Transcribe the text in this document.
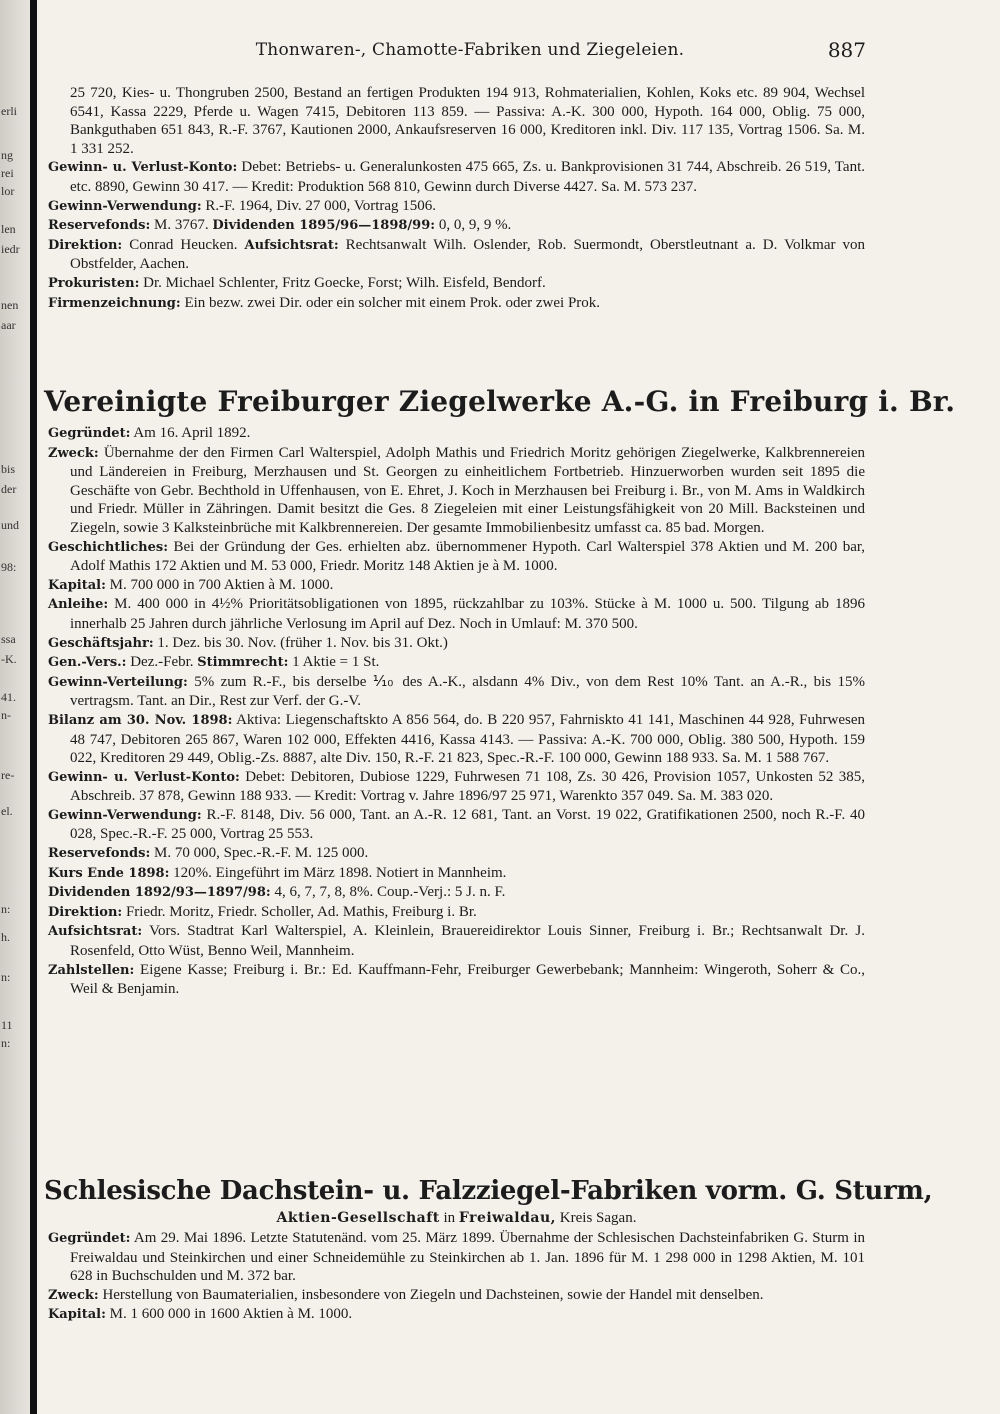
erli
ng
rei
lor
len
iedr
nen
aar
bis
der
und
98:
ssa
-K.
41.
n-
re-
el.
n:
h.
n:
11
n:
Thonwaren-, Chamotte-Fabriken und Ziegeleien.	887

25 720, Kies- u. Thongruben 2500, Bestand an fertigen Produkten 194 913, Rohmaterialien, Kohlen, Koks etc. 89 904, Wechsel 6541, Kassa 2229, Pferde u. Wagen 7415, Debitoren 113 859. — Passiva: A.-K. 300 000, Hypoth. 164 000, Oblig. 75 000, Bankguthaben 651 843, R.-F. 3767, Kautionen 2000, Ankaufsreserven 16 000, Kreditoren inkl. Div. 117 135, Vortrag 1506. Sa. M. 1 331 252.

Gewinn- u. Verlust-Konto: Debet: Betriebs- u. Generalunkosten 475 665, Zs. u. Bankprovisionen 31 744, Abschreib. 26 519, Tant. etc. 8890, Gewinn 30 417. — Kredit: Produktion 568 810, Gewinn durch Diverse 4427. Sa. M. 573 237.

Gewinn-Verwendung: R.-F. 1964, Div. 27 000, Vortrag 1506.

Reservefonds: M. 3767. Dividenden 1895/96—1898/99: 0, 0, 9, 9 %.

Direktion: Conrad Heucken. Aufsichtsrat: Rechtsanwalt Wilh. Oslender, Rob. Suermondt, Oberstleutnant a. D. Volkmar von Obstfelder, Aachen.

Prokuristen: Dr. Michael Schlenter, Fritz Goecke, Forst; Wilh. Eisfeld, Bendorf.

Firmenzeichnung: Ein bezw. zwei Dir. oder ein solcher mit einem Prok. oder zwei Prok.

Vereinigte Freiburger Ziegelwerke A.-G. in Freiburg i. Br.

Gegründet: Am 16. April 1892.

Zweck: Übernahme der den Firmen Carl Walterspiel, Adolph Mathis und Friedrich Moritz gehörigen Ziegelwerke, Kalkbrennereien und Ländereien in Freiburg, Merzhausen und St. Georgen zu einheitlichem Fortbetrieb. Hinzuerworben wurden seit 1895 die Geschäfte von Gebr. Bechthold in Uffenhausen, von E. Ehret, J. Koch in Merzhausen bei Freiburg i. Br., von M. Ams in Waldkirch und Friedr. Müller in Zähringen. Damit besitzt die Ges. 8 Ziegeleien mit einer Leistungsfähigkeit von 20 Mill. Backsteinen und Ziegeln, sowie 3 Kalksteinbrüche mit Kalkbrennereien. Der gesamte Immobilienbesitz umfasst ca. 85 bad. Morgen.

Geschichtliches: Bei der Gründung der Ges. erhielten abz. übernommener Hypoth. Carl Walterspiel 378 Aktien und M. 200 bar, Adolf Mathis 172 Aktien und M. 53 000, Friedr. Moritz 148 Aktien je à M. 1000.

Kapital: M. 700 000 in 700 Aktien à M. 1000.

Anleihe: M. 400 000 in 4½% Prioritätsobligationen von 1895, rückzahlbar zu 103%. Stücke à M. 1000 u. 500. Tilgung ab 1896 innerhalb 25 Jahren durch jährliche Verlosung im April auf Dez. Noch in Umlauf: M. 370 500.

Geschäftsjahr: 1. Dez. bis 30. Nov. (früher 1. Nov. bis 31. Okt.)

Gen.-Vers.: Dez.-Febr. Stimmrecht: 1 Aktie = 1 St.

Gewinn-Verteilung: 5% zum R.-F., bis derselbe ⅒ des A.-K., alsdann 4% Div., von dem Rest 10% Tant. an A.-R., bis 15% vertragsm. Tant. an Dir., Rest zur Verf. der G.-V.

Bilanz am 30. Nov. 1898: Aktiva: Liegenschaftskto A 856 564, do. B 220 957, Fahrniskto 41 141, Maschinen 44 928, Fuhrwesen 48 747, Debitoren 265 867, Waren 102 000, Effekten 4416, Kassa 4143. — Passiva: A.-K. 700 000, Oblig. 380 500, Hypoth. 159 022, Kreditoren 29 449, Oblig.-Zs. 8887, alte Div. 150, R.-F. 21 823, Spec.-R.-F. 100 000, Gewinn 188 933. Sa. M. 1 588 767.

Gewinn- u. Verlust-Konto: Debet: Debitoren, Dubiose 1229, Fuhrwesen 71 108, Zs. 30 426, Provision 1057, Unkosten 52 385, Abschreib. 37 878, Gewinn 188 933. — Kredit: Vortrag v. Jahre 1896/97 25 971, Warenkto 357 049. Sa. M. 383 020.

Gewinn-Verwendung: R.-F. 8148, Div. 56 000, Tant. an A.-R. 12 681, Tant. an Vorst. 19 022, Gratifikationen 2500, noch R.-F. 40 028, Spec.-R.-F. 25 000, Vortrag 25 553.

Reservefonds: M. 70 000, Spec.-R.-F. M. 125 000.

Kurs Ende 1898: 120%. Eingeführt im März 1898. Notiert in Mannheim.

Dividenden 1892/93—1897/98: 4, 6, 7, 7, 8, 8%. Coup.-Verj.: 5 J. n. F.

Direktion: Friedr. Moritz, Friedr. Scholler, Ad. Mathis, Freiburg i. Br.

Aufsichtsrat: Vors. Stadtrat Karl Walterspiel, A. Kleinlein, Brauereidirektor Louis Sinner, Freiburg i. Br.; Rechtsanwalt Dr. J. Rosenfeld, Otto Wüst, Benno Weil, Mannheim.

Zahlstellen: Eigene Kasse; Freiburg i. Br.: Ed. Kauffmann-Fehr, Freiburger Gewerbebank; Mannheim: Wingeroth, Soherr & Co., Weil & Benjamin.

Schlesische Dachstein- u. Falzziegel-Fabriken vorm. G. Sturm,
Aktien-Gesellschaft in Freiwaldau, Kreis Sagan.

Gegründet: Am 29. Mai 1896. Letzte Statutenänd. vom 25. März 1899. Übernahme der Schlesischen Dachsteinfabriken G. Sturm in Freiwaldau und Steinkirchen und einer Schneidemühle zu Steinkirchen ab 1. Jan. 1896 für M. 1 298 000 in 1298 Aktien, M. 101 628 in Buchschulden und M. 372 bar.

Zweck: Herstellung von Baumaterialien, insbesondere von Ziegeln und Dachsteinen, sowie der Handel mit denselben.

Kapital: M. 1 600 000 in 1600 Aktien à M. 1000.
